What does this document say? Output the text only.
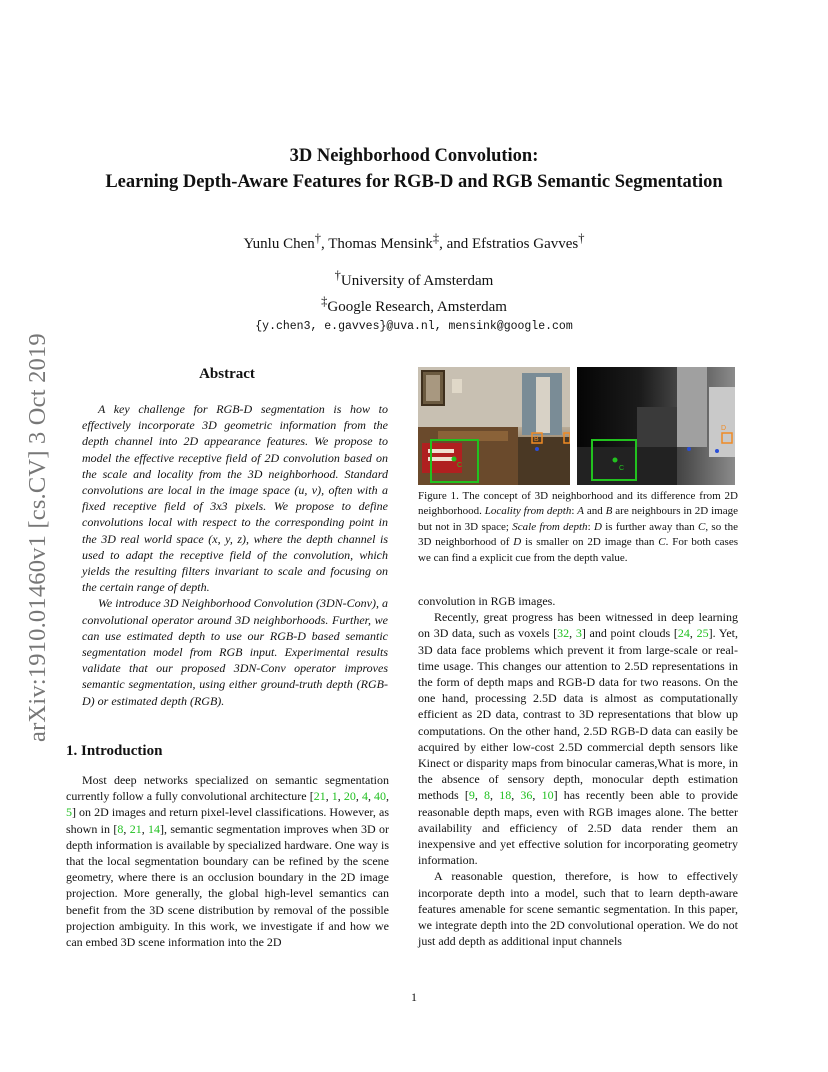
arXiv:1910.01460v1 [cs.CV] 3 Oct 2019
3D Neighborhood Convolution:
Learning Depth-Aware Features for RGB-D and RGB Semantic Segmentation
Yunlu Chen†, Thomas Mensink‡, and Efstratios Gavves†
†University of Amsterdam
‡Google Research, Amsterdam
{y.chen3, e.gavves}@uva.nl, mensink@google.com
Abstract

A key challenge for RGB-D segmentation is how to effectively incorporate 3D geometric information from the depth channel into 2D appearance features. We propose to model the effective receptive field of 2D convolution based on the scale and locality from the 3D neighborhood. Standard convolutions are local in the image space (u, v), often with a fixed receptive field of 3x3 pixels. We propose to define convolutions local with respect to the corresponding point in the 3D real world space (x, y, z), where the depth channel is used to adapt the receptive field of the convolution, which yields the resulting filters invariant to scale and focusing on the certain range of depth.

We introduce 3D Neighborhood Convolution (3DN-Conv), a convolutional operator around 3D neighborhoods. Further, we can use estimated depth to use our RGB-D based semantic segmentation model from RGB input. Experimental results validate that our proposed 3DN-Conv operator improves semantic segmentation, using either ground-truth depth (RGB-D) or estimated depth (RGB).

1. Introduction

Most deep networks specialized on semantic segmentation currently follow a fully convolutional architecture [21, 1, 20, 4, 40, 5] on 2D images and return pixel-level classifications. However, as shown in [8, 21, 14], semantic segmentation improves when 3D or depth information is available by specialized hardware. One way is that the local segmentation boundary can be refined by the scene geometry, where there is an occlusion boundary in the 2D image projection. More generally, the global high-level semantics can benefit from the 3D scene distribution by removal of the possible projection ambiguity. In this work, we investigate if and how we can embed 3D scene information into the 2D

B
C
D
C
Figure 1. The concept of 3D neighborhood and its difference from 2D neighborhood. Locality from depth: A and B are neighbours in 2D image but not in 3D space; Scale from depth: D is further away than C, so the 3D neighborhood of D is smaller on 2D image than C. For both cases we can find a explicit cue from the depth value.

convolution in RGB images.

Recently, great progress has been witnessed in deep learning on 3D data, such as voxels [32, 3] and point clouds [24, 25]. Yet, 3D data face problems which prevent it from large-scale or real-time usage. This changes our attention to 2.5D representations in the form of depth maps and RGB-D data for two reasons. On the one hand, processing 2.5D data is almost as computationally efficient as 2D data, contrast to 3D representations that blow up computations. On the other hand, 2.5D RGB-D data can easily be acquired by either low-cost 2.5D commercial depth sensors like Kinect or disparity maps from binocular cameras,What is more, in the absence of sensory depth, monocular depth estimation methods [9, 8, 18, 36, 10] has recently been able to provide reasonable depth maps, even with RGB images alone. The better availability and efficiency of 2.5D data render them an inexpensive and yet effective solution for incorporating geometry information.

A reasonable question, therefore, is how to effectively incorporate depth into a model, such that to learn depth-aware features amenable for scene semantic segmentation. In this paper, we integrate depth into the 2D convolutional operation. We do not just add depth as additional input channels

1
